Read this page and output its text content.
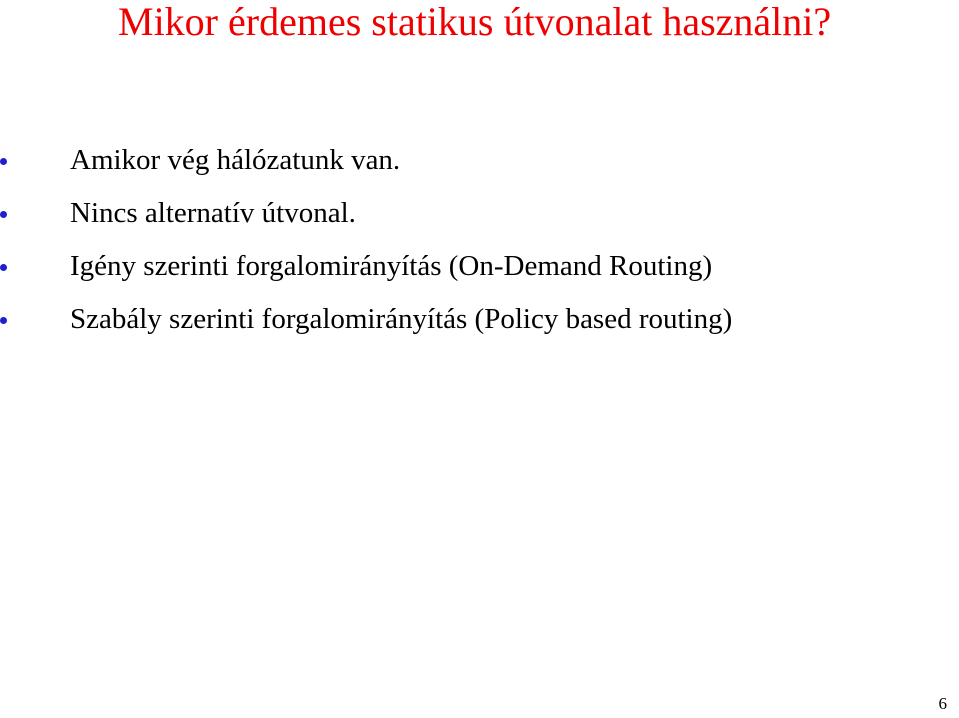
Mikor érdemes statikus útvonalat használni?
Amikor vég hálózatunk van.
Nincs alternatív útvonal.
Igény szerinti forgalomirányítás (On-Demand Routing)
Szabály szerinti forgalomirányítás (Policy based routing)
6
